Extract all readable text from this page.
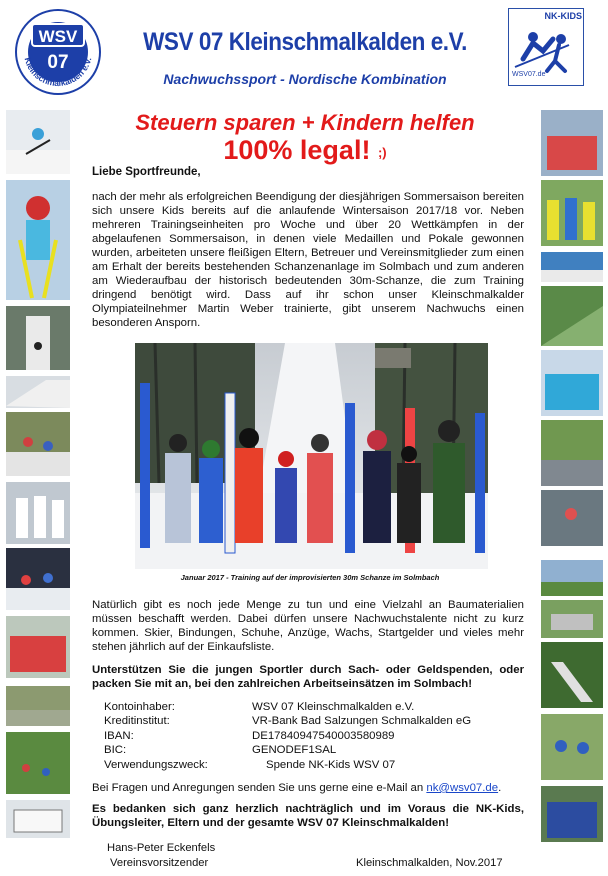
WSV
07
Kleinschmalkalden e.V.
WSV 07 Kleinschmalkalden e.V.
Nachwuchssport - Nordische Kombination
NK-KIDS
WSV07.de
Steuern sparen + Kindern helfen
100% legal! ;)
Liebe Sportfreunde,
nach der mehr als erfolgreichen Beendigung der diesjährigen Sommersaison bereiten sich unsere Kids bereits auf die anlaufende Wintersaison 2017/18 vor. Neben mehreren Trainingseinheiten pro Woche und über 20 Wettkämpfen in der abgelaufenen Sommersaison, in denen viele Medaillen und Pokale gewonnen wurden, arbeiteten unsere fleißigen Eltern, Betreuer und Vereinsmitglieder zum einen am Erhalt der bereits bestehenden Schanzenanlage im Solmbach und zum anderen am Wiederaufbau der historisch bedeutenden 30m-Schanze, die zum Training dringend benötigt wird. Dass auf ihr schon unser Kleinschmalkalder Olympiateilnehmer Martin Weber trainierte, gibt unserem Nachwuchs einen besonderen Ansporn.
Januar 2017 - Training auf der improvisierten 30m Schanze im Solmbach
Natürlich gibt es noch jede Menge zu tun und eine Vielzahl an Baumaterialien müssen beschafft werden. Dabei dürfen unsere Nachwuchstalente nicht zu kurz kommen. Skier, Bindungen, Schuhe, Anzüge, Wachs, Startgelder und vieles mehr stehen jährlich auf der Einkaufsliste.
Unterstützen Sie die jungen Sportler durch Sach- oder Geldspenden, oder packen Sie mit an, bei den zahlreichen Arbeitseinsätzen im Solmbach!
Kontoinhaber:	WSV 07 Kleinschmalkalden e.V.
Kreditinstitut:	VR-Bank Bad Salzungen Schmalkalden eG
IBAN:	DE17840947540003580989
BIC:	GENODEF1SAL
Verwendungszweck:	Spende NK-Kids WSV 07
Bei Fragen und Anregungen senden Sie uns gerne eine e-Mail an nk@wsv07.de.
Es bedanken sich ganz herzlich nachträglich und im Voraus die NK-Kids, Übungsleiter, Eltern und der gesamte WSV 07 Kleinschmalkalden!
Hans-Peter Eckenfels
Vereinsvorsitzender	Kleinschmalkalden, Nov.2017
